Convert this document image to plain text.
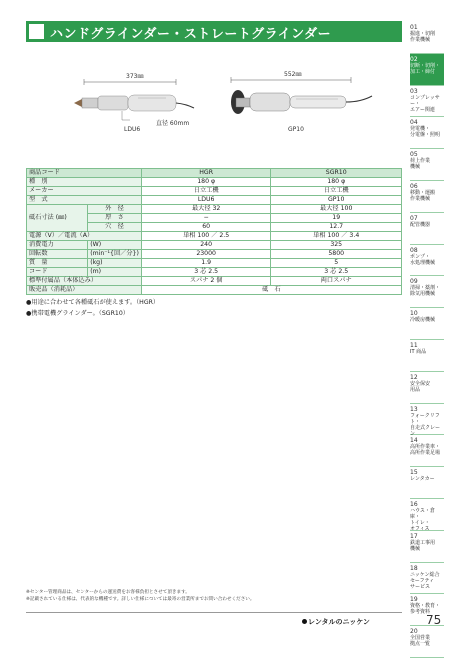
ハンドグラインダー・ストレートグラインダー
373㎜	552㎜
直径 60mm
LDU6	GP10
商品コード		HGR	SGR10
種　別		180 φ	180 φ
メーカー		日立工機	日立工機
型　式		LDU6	GP10
砥石寸法 (㎜)	外　径	最大径 32	最大径 100
	厚　さ	−	19
	穴　径	60	12.7
電源（V）／電流（A）		単相 100 ／ 2.5	単相 100 ／ 3.4
消費電力	(W)	240	325
回転数	(min⁻¹{回／分})	23000	5800
質　量	(kg)	1.9	5
コード	(m)	3 芯 2.5	3 芯 2.5
標準付属品（本体込み）		スパナ 2 個	両口スパナ
販売品（消耗品）		砥　石	
●用途に合わせて各種砥石が使えます。（HGR）
●携帯電機グラインダー。（SGR10）
01
掘進・切削
作業機械
02
切断・切削・
加工・締付
03
コンプレッサー・
エアー関連
04
発電機・
分電盤・照明
05
荷上作業
機械
06
移動・運搬
作業機械
07
配管機器
08
ポンプ・
水処理機械
09
清掃・薬剤・
除気用機械
10
冷暖房機械
11
IT 商品
12
安全保安
用品
13
フォークリフト・
自走式クレーン
14
高所作業車・
高所作業足場
15
レンタカー
16
ハウス・倉庫・
トイレ・
オフィス
17
鉄道工事用
機械
18
ニッケン総合
セーフティ
サービス
19
資格・教育・
参考資料
20
全国営業
拠点一覧
※センター管理商品は、センターからの運送費をお客様負担とさせて頂きます。
※記載されている仕様は、代表的な機種です。詳しい仕様については最寄の営業所までお問い合わせください。
レンタルのニッケン	75
